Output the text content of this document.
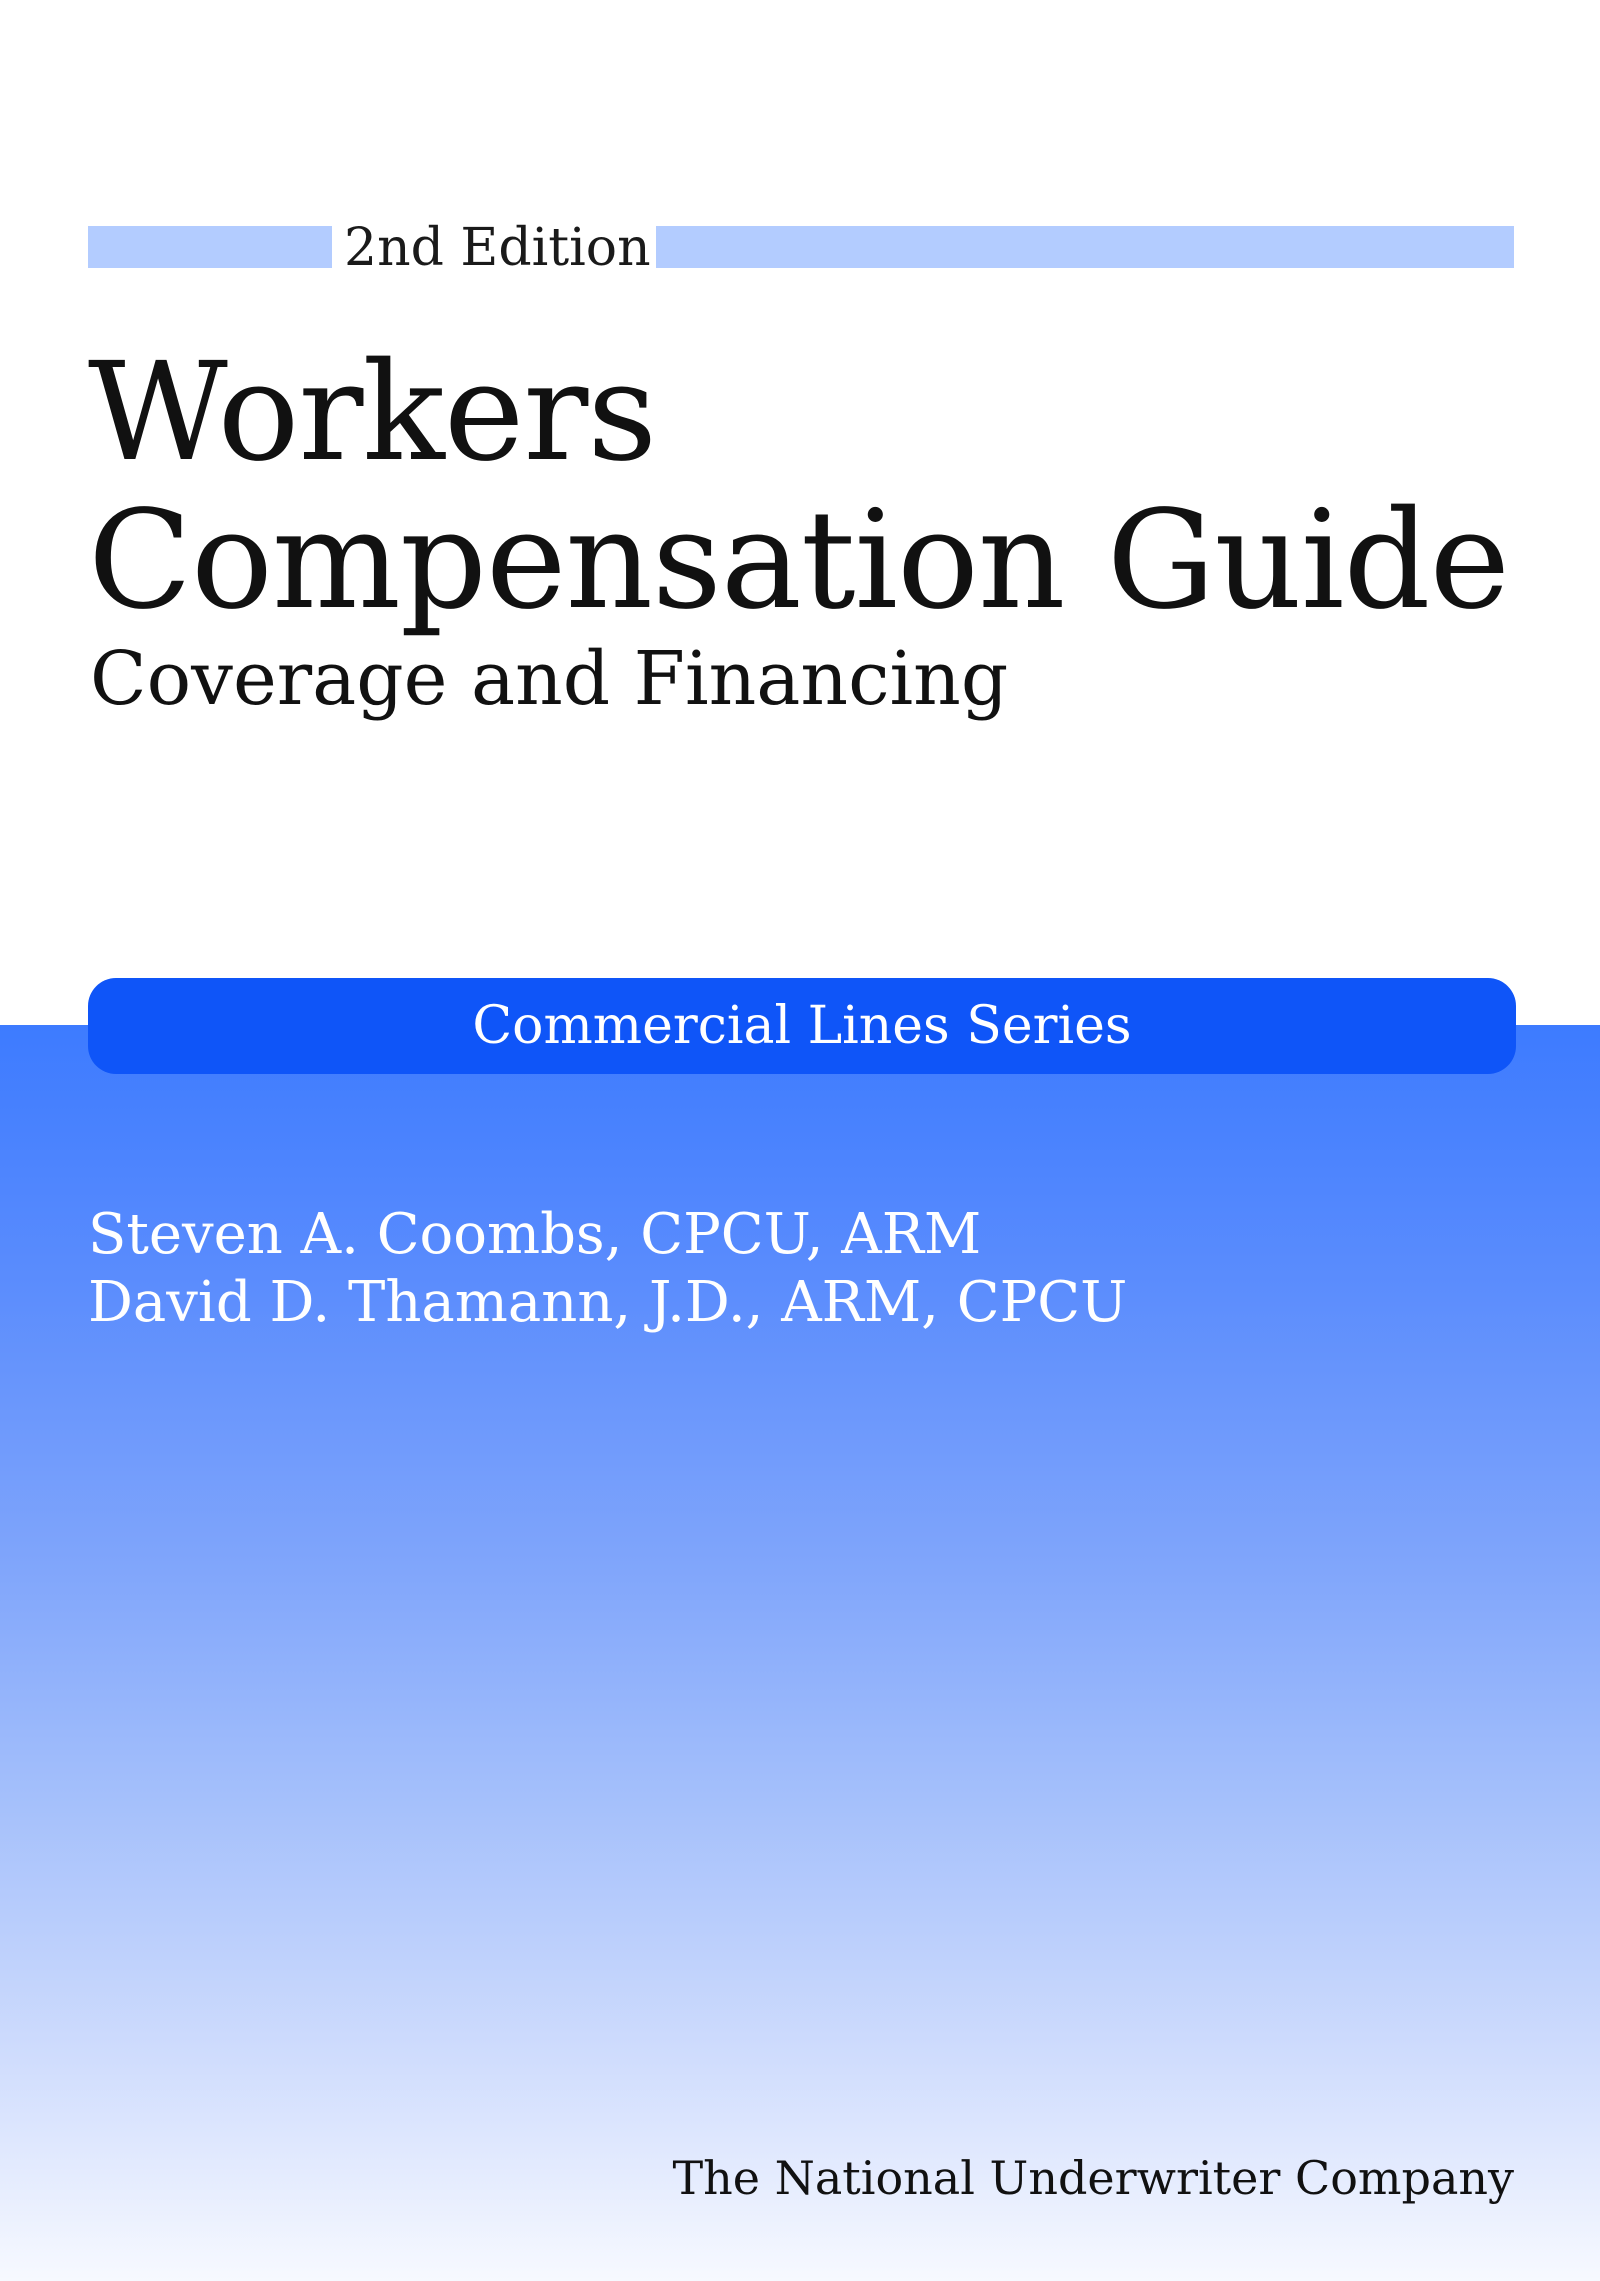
2nd Edition
Workers
Compensation Guide
Coverage and Financing
Commercial Lines Series
Steven A. Coombs, CPCU, ARM
David D. Thamann, J.D., ARM, CPCU
The National Underwriter Company
